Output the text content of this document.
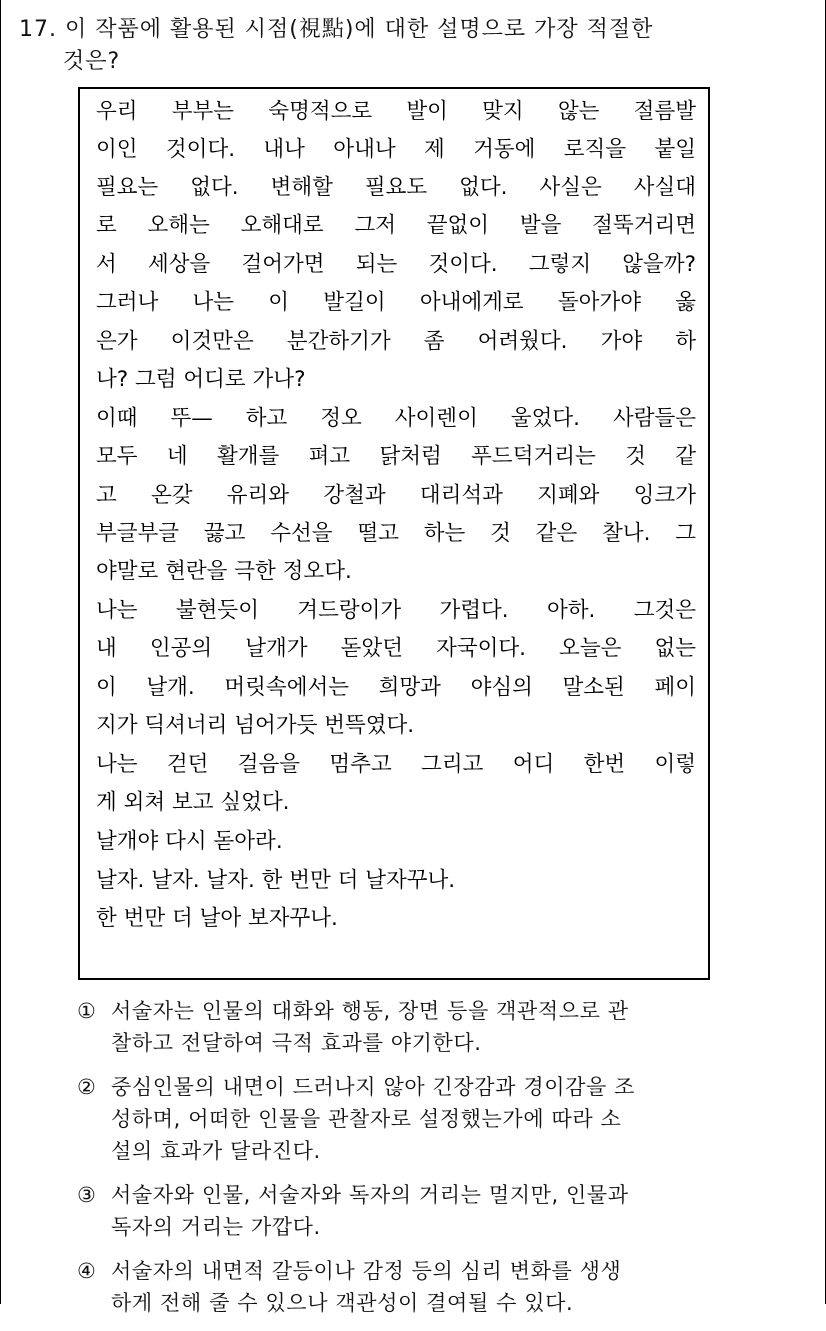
17. 이 작품에 활용된 시점(視點)에 대한 설명으로 가장 적절한
것은?
우리 부부는 숙명적으로 발이 맞지 않는 절름발
이인 것이다. 내나 아내나 제 거동에 로직을 붙일
필요는 없다. 변해할 필요도 없다. 사실은 사실대
로 오해는 오해대로 그저 끝없이 발을 절뚝거리면
서 세상을 걸어가면 되는 것이다. 그렇지 않을까?
그러나 나는 이 발길이 아내에게로 돌아가야 옳
은가 이것만은 분간하기가 좀 어려웠다. 가야 하
나? 그럼 어디로 가나?
이때 뚜— 하고 정오 사이렌이 울었다. 사람들은
모두 네 활개를 펴고 닭처럼 푸드덕거리는 것 같
고 온갖 유리와 강철과 대리석과 지폐와 잉크가
부글부글 끓고 수선을 떨고 하는 것 같은 찰나. 그
야말로 현란을 극한 정오다.
나는 불현듯이 겨드랑이가 가렵다. 아하. 그것은
내 인공의 날개가 돋았던 자국이다. 오늘은 없는
이 날개. 머릿속에서는 희망과 야심의 말소된 페이
지가 딕셔너리 넘어가듯 번뜩였다.
나는 걷던 걸음을 멈추고 그리고 어디 한번 이렇
게 외쳐 보고 싶었다.
날개야 다시 돋아라.
날자. 날자. 날자. 한 번만 더 날자꾸나.
한 번만 더 날아 보자꾸나.
① 서술자는 인물의 대화와 행동, 장면 등을 객관적으로 관
찰하고 전달하여 극적 효과를 야기한다.
② 중심인물의 내면이 드러나지 않아 긴장감과 경이감을 조
성하며, 어떠한 인물을 관찰자로 설정했는가에 따라 소
설의 효과가 달라진다.
③ 서술자와 인물, 서술자와 독자의 거리는 멀지만, 인물과
독자의 거리는 가깝다.
④ 서술자의 내면적 갈등이나 감정 등의 심리 변화를 생생
하게 전해 줄 수 있으나 객관성이 결여될 수 있다.
